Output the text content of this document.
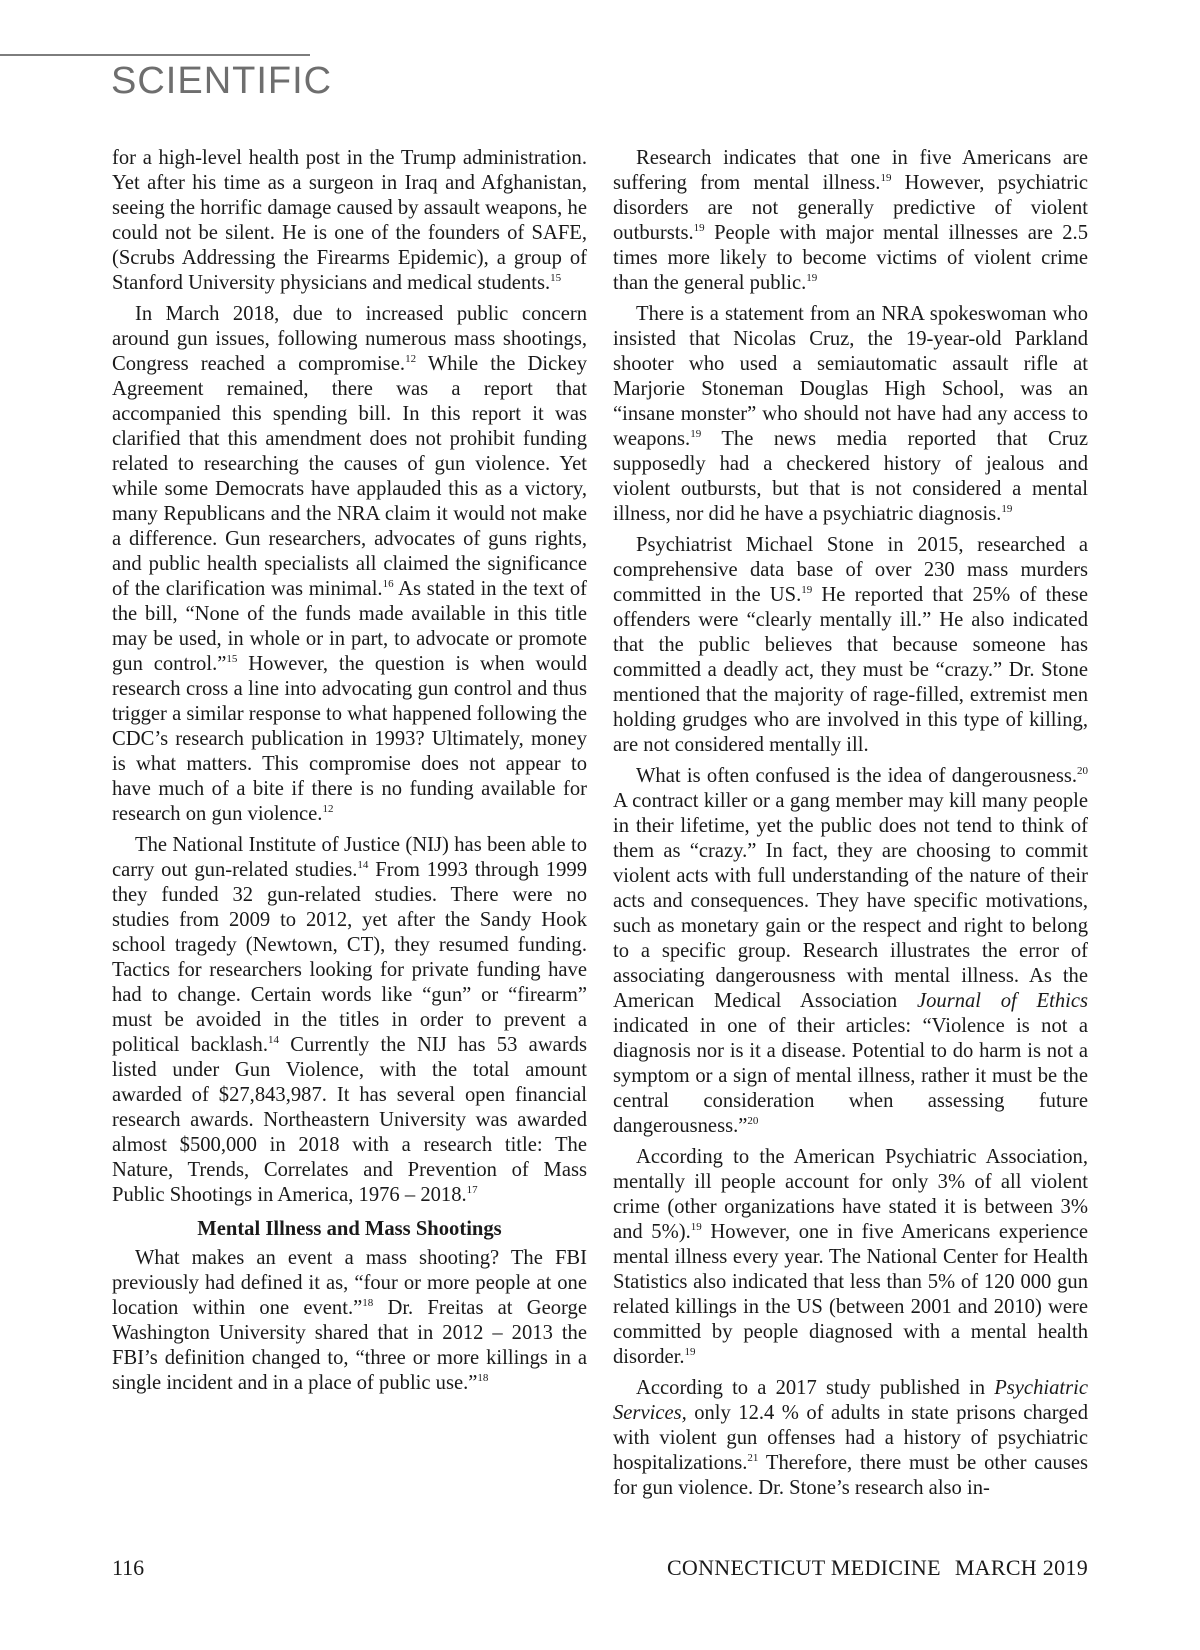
SCIENTIFIC

for a high-level health post in the Trump administration. Yet after his time as a surgeon in Iraq and Afghanistan, seeing the horrific damage caused by assault weapons, he could not be silent. He is one of the founders of SAFE, (Scrubs Addressing the Firearms Epidemic), a group of Stanford University physicians and medical students.$^{15}$

In March 2018, due to increased public concern around gun issues, following numerous mass shootings, Congress reached a compromise.$^{12}$ While the Dickey Agreement remained, there was a report that accompanied this spending bill. In this report it was clarified that this amendment does not prohibit funding related to researching the causes of gun violence. Yet while some Democrats have applauded this as a victory, many Republicans and the NRA claim it would not make a difference. Gun researchers, advocates of guns rights, and public health specialists all claimed the significance of the clarification was minimal.$^{16}$ As stated in the text of the bill, “None of the funds made available in this title may be used, in whole or in part, to advocate or promote gun control.”$^{15}$ However, the question is when would research cross a line into advocating gun control and thus trigger a similar response to what happened following the CDC’s research publication in 1993? Ultimately, money is what matters. This compromise does not appear to have much of a bite if there is no funding available for research on gun violence.$^{12}$

The National Institute of Justice (NIJ) has been able to carry out gun-related studies.$^{14}$ From 1993 through 1999 they funded 32 gun-related studies. There were no studies from 2009 to 2012, yet after the Sandy Hook school tragedy (Newtown, CT), they resumed funding. Tactics for researchers looking for private funding have had to change. Certain words like “gun” or “firearm” must be avoided in the titles in order to prevent a political backlash.$^{14}$ Currently the NIJ has 53 awards listed under Gun Violence, with the total amount awarded of $27,843,987. It has several open financial research awards. Northeastern University was awarded almost $500,000 in 2018 with a research title: The Nature, Trends, Correlates and Prevention of Mass Public Shootings in America, 1976 – 2018.17

Mental Illness and Mass Shootings

What makes an event a mass shooting? The FBI previously had defined it as, “four or more people at one location within one event.”$^{18}$ Dr. Freitas at George Washington University shared that in 2012 – 2013 the FBI’s definition changed to, “three or more killings in a single incident and in a place of public use.”$^{18}$

Research indicates that one in five Americans are suffering from mental illness.$^{19}$ However, psychiatric disorders are not generally predictive of violent outbursts.$^{19}$ People with major mental illnesses are 2.5 times more likely to become victims of violent crime than the general public.$^{19}$

There is a statement from an NRA spokeswoman who insisted that Nicolas Cruz, the 19-year-old Parkland shooter who used a semiautomatic assault rifle at Marjorie Stoneman Douglas High School, was an “insane monster” who should not have had any access to weapons.$^{19}$ The news media reported that Cruz supposedly had a checkered history of jealous and violent outbursts, but that is not considered a mental illness, nor did he have a psychiatric diagnosis.$^{19}$

Psychiatrist Michael Stone in 2015, researched a comprehensive data base of over 230 mass murders committed in the US.$^{19}$ He reported that 25% of these offenders were “clearly mentally ill.” He also indicated that the public believes that because someone has committed a deadly act, they must be “crazy.” Dr. Stone mentioned that the majority of rage-filled, extremist men holding grudges who are involved in this type of killing, are not considered mentally ill.

What is often confused is the idea of dangerousness.$^{20}$ A contract killer or a gang member may kill many people in their lifetime, yet the public does not tend to think of them as “crazy.” In fact, they are choosing to commit violent acts with full understanding of the nature of their acts and consequences. They have specific motivations, such as monetary gain or the respect and right to belong to a specific group. Research illustrates the error of associating dangerousness with mental illness. As the American Medical Association Journal of Ethics indicated in one of their articles: “Violence is not a diagnosis nor is it a disease. Potential to do harm is not a symptom or a sign of mental illness, rather it must be the central consideration when assessing future dangerousness.”$^{20}$

According to the American Psychiatric Association, mentally ill people account for only 3% of all violent crime (other organizations have stated it is between 3% and 5%).$^{19}$ However, one in five Americans experience mental illness every year. The National Center for Health Statistics also indicated that less than 5% of 120 000 gun related killings in the US (between 2001 and 2010) were committed by people diagnosed with a mental health disorder.$^{19}$

According to a 2017 study published in Psychiatric Services, only 12.4 % of adults in state prisons charged with violent gun offenses had a history of psychiatric hospitalizations.$^{21}$ Therefore, there must be other causes for gun violence. Dr. Stone’s research also in-

116	CONNECTICUT MEDICINE MARCH 2019
